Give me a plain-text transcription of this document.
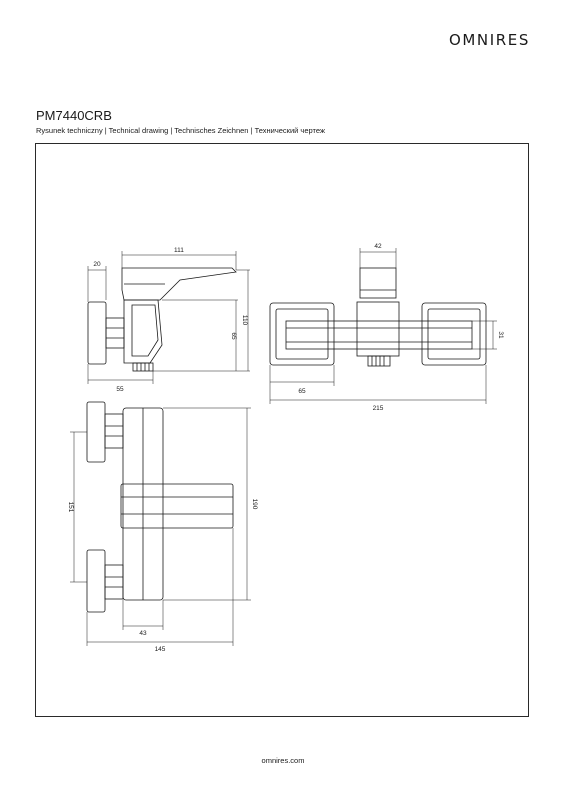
OMNIRES
PM7440CRB
Rysunek techniczny | Technical drawing | Technisches Zeichnen | Технический чертеж
20
111
110
65
55
42
31
65
215
151	190
43
145
omnires.com
